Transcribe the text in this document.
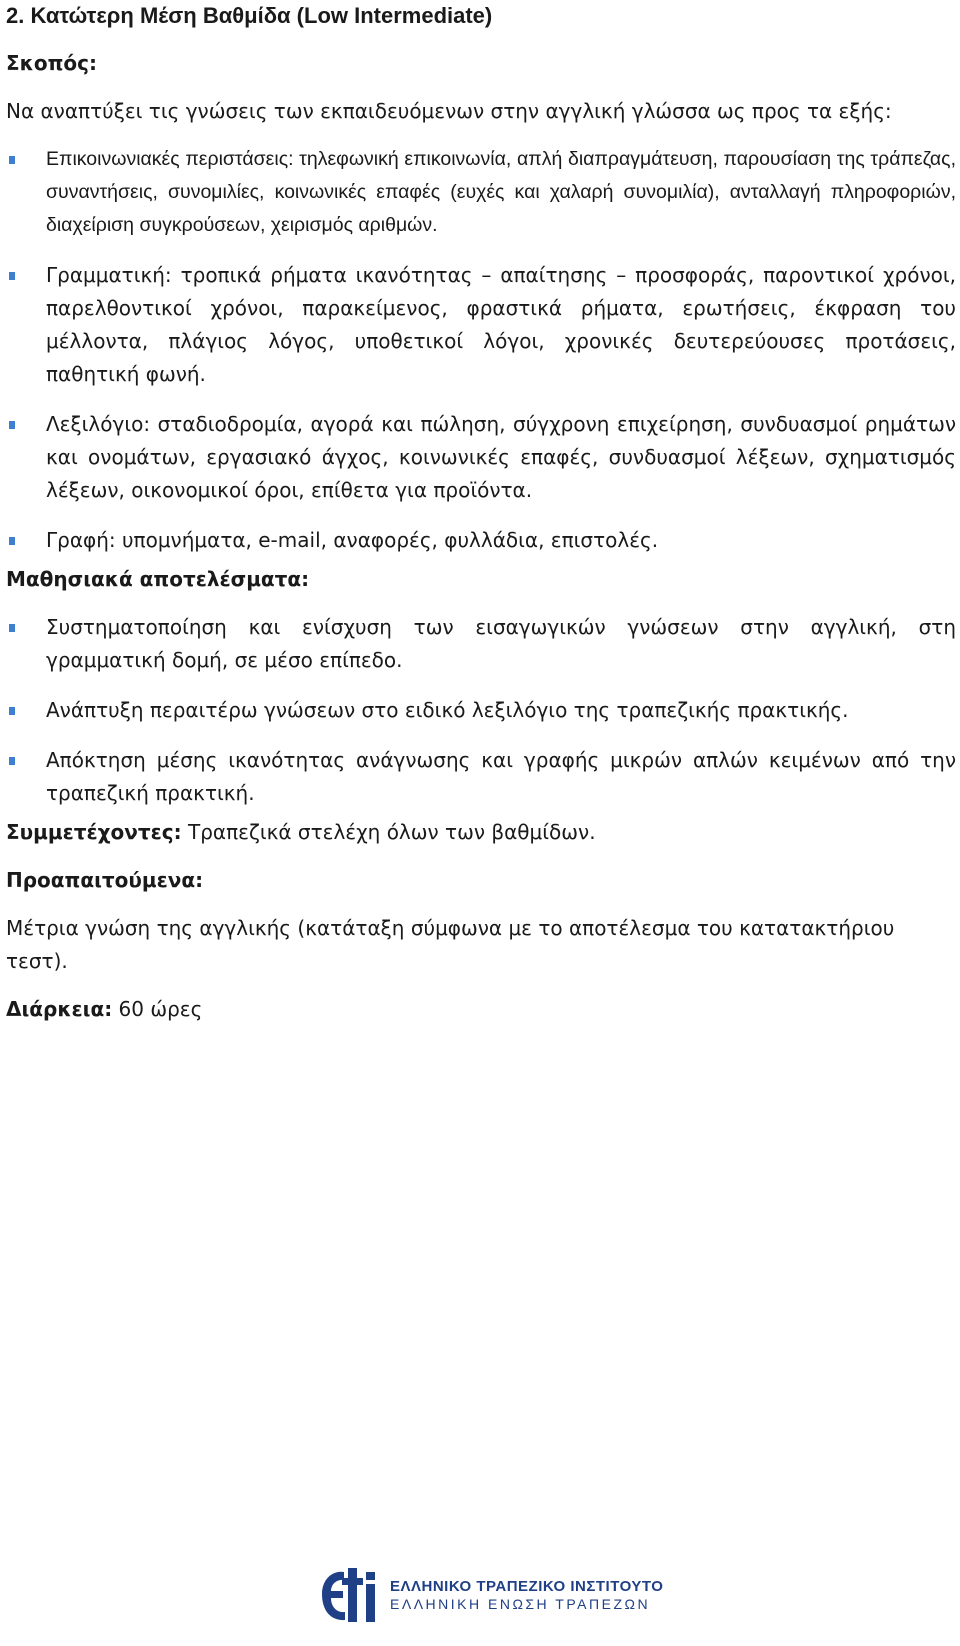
2. Κατώτερη Μέση Βαθμίδα (Low Intermediate)

Σκοπός:

Να αναπτύξει τις γνώσεις των εκπαιδευόμενων στην αγγλική γλώσσα ως προς τα εξής:

Επικοινωνιακές περιστάσεις: τηλεφωνική επικοινωνία, απλή διαπραγμάτευση, παρουσίαση της τράπεζας, συναντήσεις, συνομιλίες, κοινωνικές επαφές (ευχές και χαλαρή συνομιλία), ανταλλαγή πληροφοριών, διαχείριση συγκρούσεων, χειρισμός αριθμών.
Γραμματική: τροπικά ρήματα ικανότητας – απαίτησης – προσφοράς, παροντικοί χρόνοι, παρελθοντικοί χρόνοι, παρακείμενος, φραστικά ρήματα, ερωτήσεις, έκφραση του μέλλοντα, πλάγιος λόγος, υποθετικοί λόγοι, χρονικές δευτερεύουσες προτάσεις, παθητική φωνή.
Λεξιλόγιο: σταδιοδρομία, αγορά και πώληση, σύγχρονη επιχείρηση, συνδυασμοί ρημάτων και ονομάτων, εργασιακό άγχος, κοινωνικές επαφές, συνδυασμοί λέξεων, σχηματισμός λέξεων, οικονομικοί όροι, επίθετα για προϊόντα.
Γραφή: υπομνήματα, e-mail, αναφορές, φυλλάδια, επιστολές.

Μαθησιακά αποτελέσματα:

Συστηματοποίηση και ενίσχυση των εισαγωγικών γνώσεων στην αγγλική, στη γραμματική δομή, σε μέσο επίπεδο.
Ανάπτυξη περαιτέρω γνώσεων στο ειδικό λεξιλόγιο της τραπεζικής πρακτικής.
Απόκτηση μέσης ικανότητας ανάγνωσης και γραφής μικρών απλών κειμένων από την τραπεζική πρακτική.

Συμμετέχοντες: Τραπεζικά στελέχη όλων των βαθμίδων.

Προαπαιτούμενα:

Μέτρια γνώση της αγγλικής (κατάταξη σύμφωνα με το αποτέλεσμα του κατατακτήριου τεστ).

Διάρκεια: 60 ώρες

ΕΛΛΗΝΙΚΟ ΤΡΑΠΕΖΙΚΟ ΙΝΣΤΙΤΟΥΤΟ
ΕΛΛΗΝΙΚΗ ΕΝΩΣΗ ΤΡΑΠΕΖΩΝ
